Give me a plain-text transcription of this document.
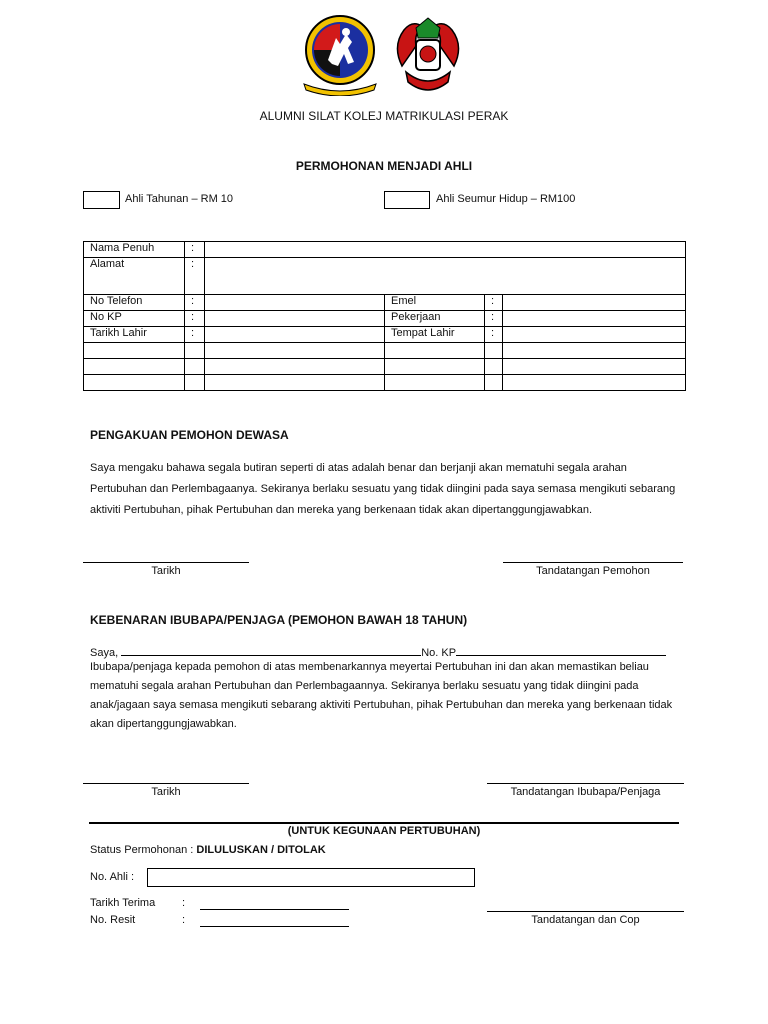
ALUMNI SILAT KOLEJ MATRIKULASI PERAK
PERMOHONAN MENJADI AHLI
Ahli Tahunan – RM 10	Ahli Seumur Hidup – RM100
Nama Penuh	:				
Alamat	:				
No Telefon	:		Emel	:	
No KP	:		Pekerjaan	:	
Tarikh Lahir	:		Tempat Lahir	:	

PENGAKUAN PEMOHON DEWASA
Saya mengaku bahawa segala butiran seperti di atas adalah benar dan berjanji akan mematuhi segala arahan Pertubuhan dan Perlembagaanya. Sekiranya berlaku sesuatu yang tidak diingini pada saya semasa mengikuti sebarang aktiviti Pertubuhan, pihak Pertubuhan dan mereka yang berkenaan tidak akan dipertanggungjawabkan.
Tarikh	Tandatangan Pemohon
KEBENARAN IBUBAPA/PENJAGA (PEMOHON BAWAH 18 TAHUN)
Saya,	No. KP
Ibubapa/penjaga kepada pemohon di atas membenarkannya meyertai Pertubuhan ini dan akan memastikan beliau mematuhi segala arahan Pertubuhan dan Perlembagaannya. Sekiranya berlaku sesuatu yang tidak diingini pada anak/jagaan saya semasa mengikuti sebarang aktiviti Pertubuhan, pihak Pertubuhan dan mereka yang berkenaan tidak akan dipertanggungjawabkan.
Tarikh	Tandatangan Ibubapa/Penjaga
(UNTUK KEGUNAAN PERTUBUHAN)
Status Permohonan : DILULUSKAN / DITOLAK
No. Ahli :
Tarikh Terima :
No. Resit	:	Tandatangan dan Cop
